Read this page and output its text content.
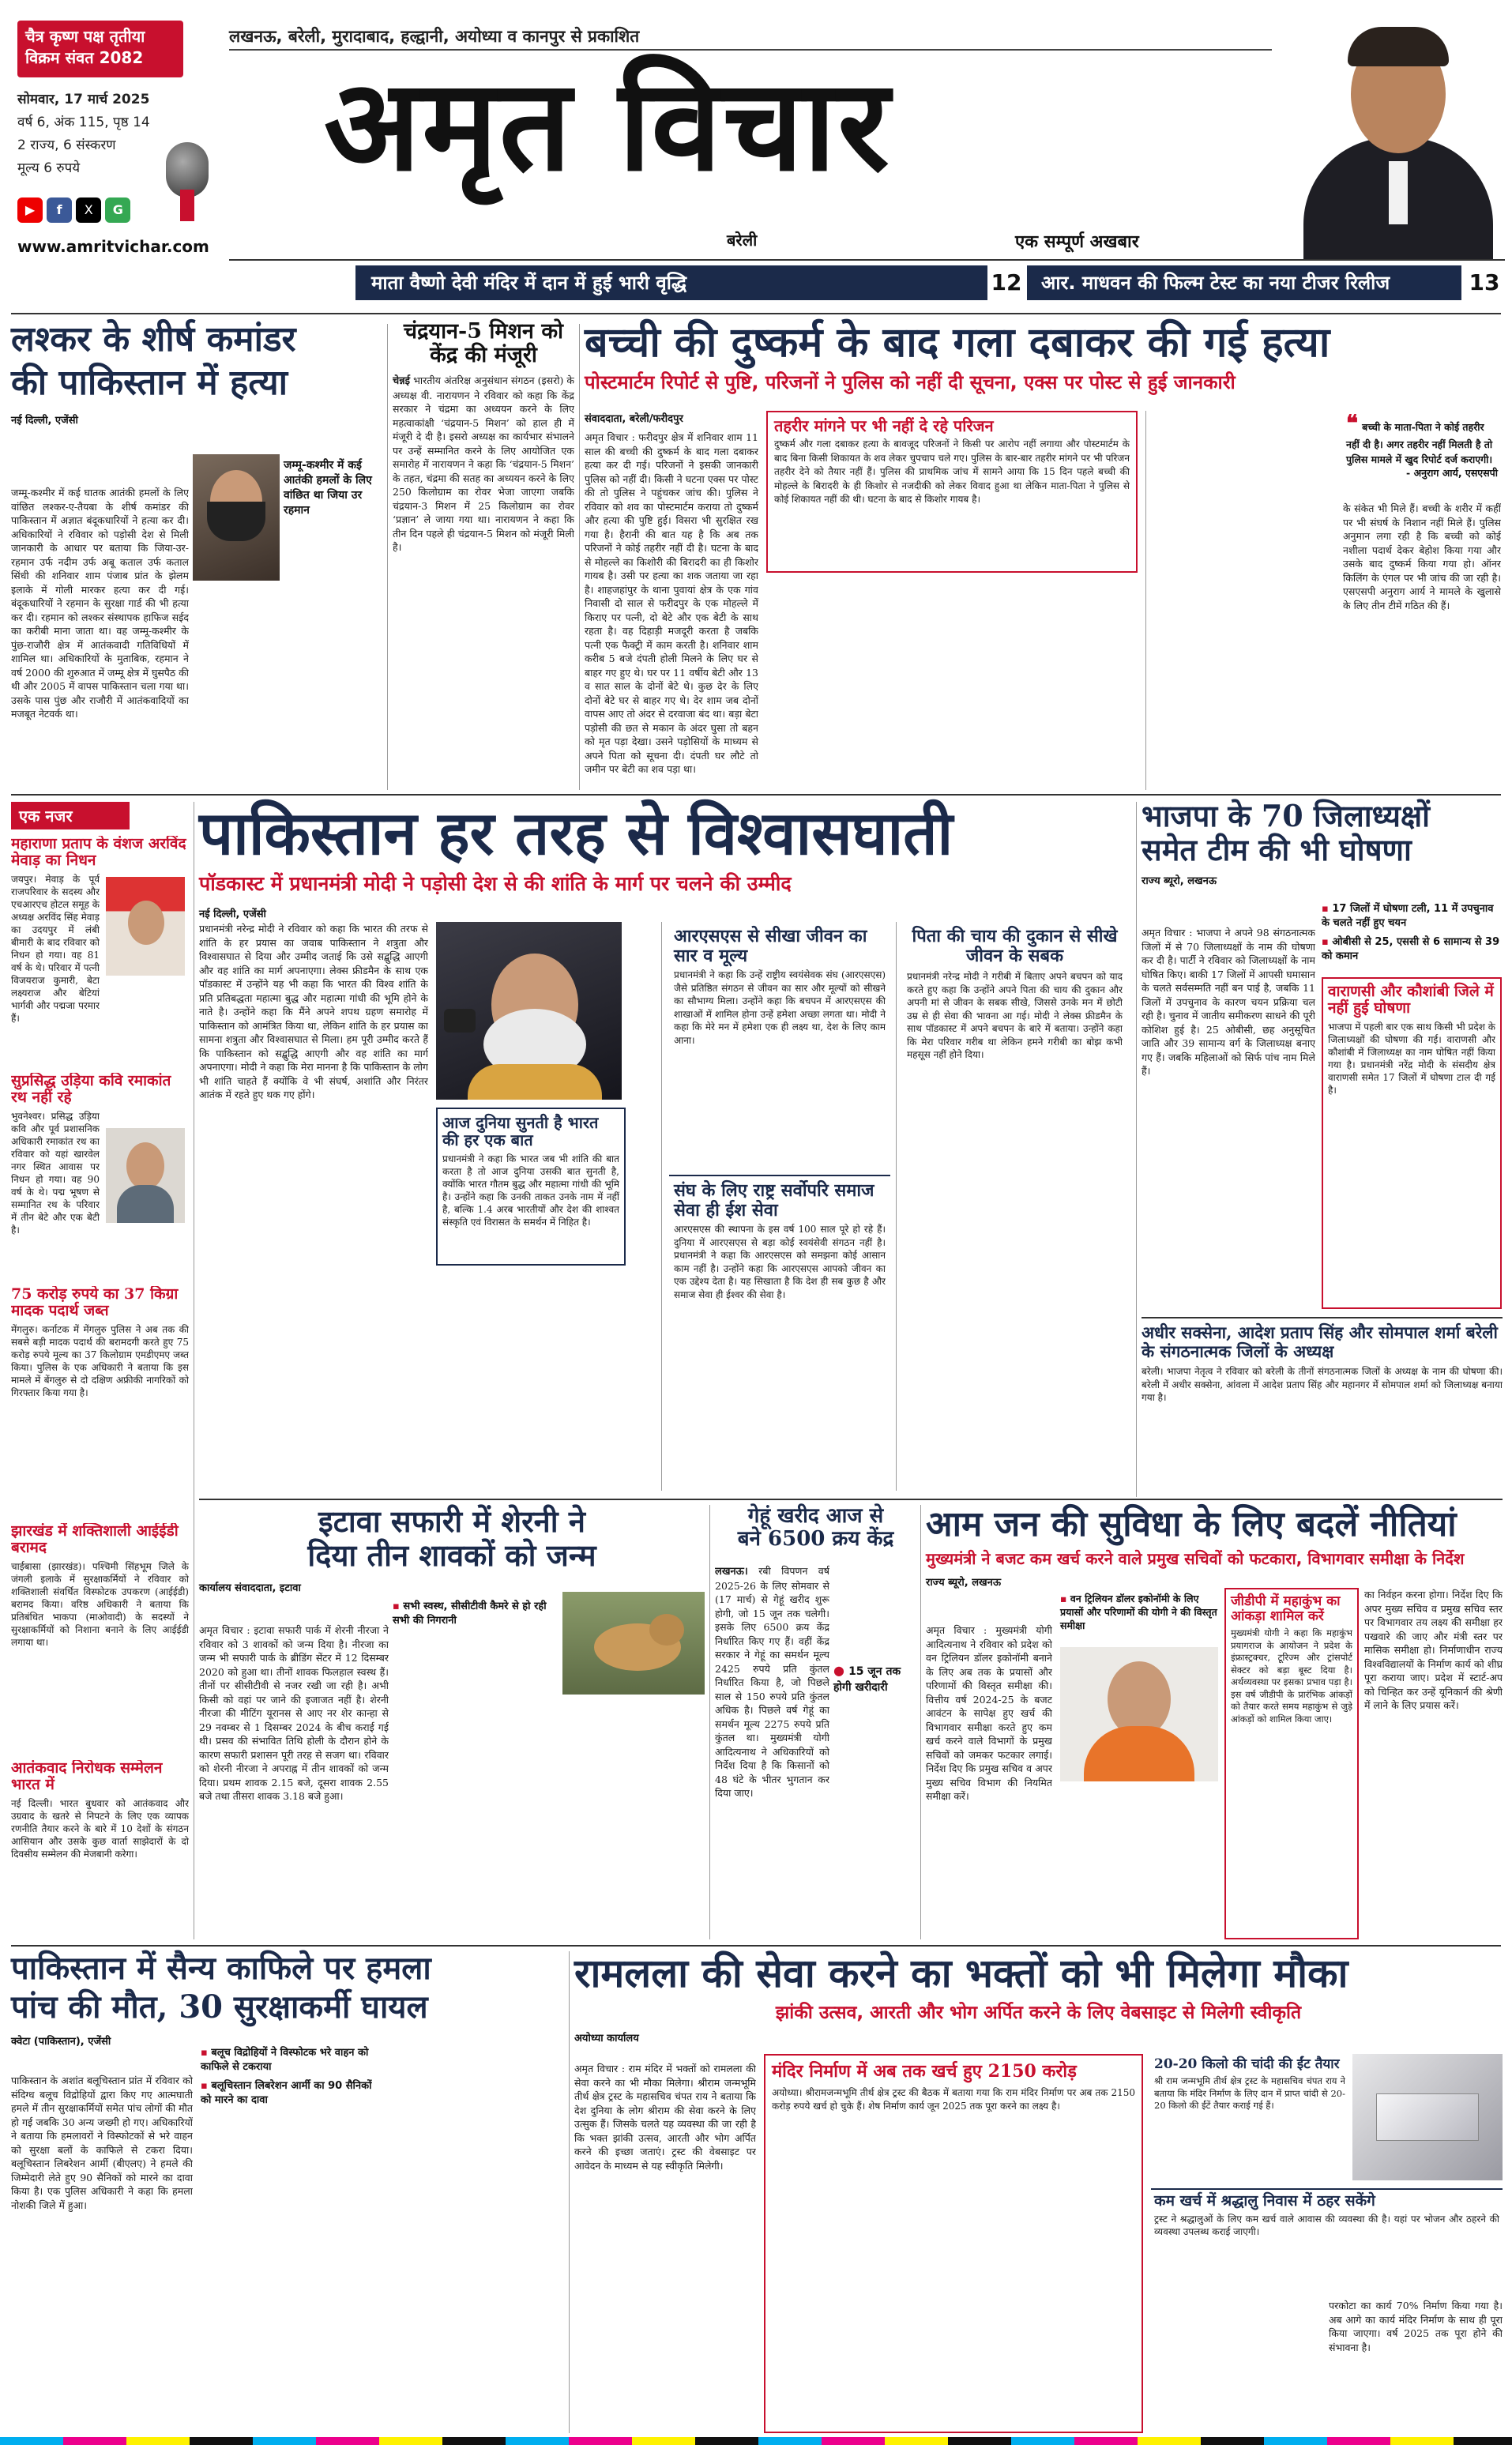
चैत्र कृष्ण पक्ष तृतीया
विक्रम संवत 2082
सोमवार, 17 मार्च 2025
वर्ष 6, अंक 115, पृष्ठ 14
2 राज्य, 6 संस्करण
मूल्य 6 रुपये
▶ f X G
www.amritvichar.com
लखनऊ, बरेली, मुरादाबाद, हल्द्वानी, अयोध्या व कानपुर से प्रकाशित
अमृत विचार
बरेली	एक सम्पूर्ण अखबार
माता वैष्णो देवी मंदिर में दान में हुई भारी वृद्धि	12	आर. माधवन की फिल्म टेस्ट का नया टीजर रिलीज	13
लश्कर के शीर्ष कमांडर
की पाकिस्तान में हत्या
नई दिल्ली, एजेंसी
जम्मू-कश्मीर में कई आतंकी हमलों के लिए वांछित था जिया उर रहमान
जम्मू-कश्मीर में कई घातक आतंकी हमलों के लिए वांछित लश्कर-ए-तैयबा के शीर्ष कमांडर की पाकिस्तान में अज्ञात बंदूकधारियों ने हत्या कर दी। अधिकारियों ने रविवार को पड़ोसी देश से मिली जानकारी के आधार पर बताया कि जिया-उर-रहमान उर्फ नदीम उर्फ अबू कताल उर्फ कताल सिंधी की शनिवार शाम पंजाब प्रांत के झेलम इलाके में गोली मारकर हत्या कर दी गई। बंदूकधारियों ने रहमान के सुरक्षा गार्ड की भी हत्या कर दी। रहमान को लश्कर संस्थापक हाफिज सईद का करीबी माना जाता था। वह जम्मू-कश्मीर के पुंछ-राजौरी क्षेत्र में आतंकवादी गतिविधियों में शामिल था। अधिकारियों के मुताबिक, रहमान ने वर्ष 2000 की शुरुआत में जम्मू क्षेत्र में घुसपैठ की थी और 2005 में वापस पाकिस्तान चला गया था। उसके पास पुंछ और राजौरी में आतंकवादियों का मजबूत नेटवर्क था।
चंद्रयान-5 मिशन को केंद्र की मंजूरी
चेन्नई भारतीय अंतरिक्ष अनुसंधान संगठन (इसरो) के अध्यक्ष वी. नारायणन ने रविवार को कहा कि केंद्र सरकार ने चंद्रमा का अध्ययन करने के लिए महत्वाकांक्षी ‘चंद्रयान-5 मिशन’ को हाल ही में मंजूरी दे दी है। इसरो अध्यक्ष का कार्यभार संभालने पर उन्हें सम्मानित करने के लिए आयोजित एक समारोह में नारायणन ने कहा कि ‘चंद्रयान-5 मिशन’ के तहत, चंद्रमा की सतह का अध्ययन करने के लिए 250 किलोग्राम का रोवर भेजा जाएगा जबकि चंद्रयान-3 मिशन में 25 किलोग्राम का रोवर ‘प्रज्ञान’ ले जाया गया था। नारायणन ने कहा कि तीन दिन पहले ही चंद्रयान-5 मिशन को मंजूरी मिली है।
बच्ची की दुष्कर्म के बाद गला दबाकर की गई हत्या
पोस्टमार्टम रिपोर्ट से पुष्टि, परिजनों ने पुलिस को नहीं दी सूचना, एक्स पर पोस्ट से हुई जानकारी
संवाददाता, बरेली/फरीदपुर
अमृत विचार : फरीदपुर क्षेत्र में शनिवार शाम 11 साल की बच्ची की दुष्कर्म के बाद गला दबाकर हत्या कर दी गई। परिजनों ने इसकी जानकारी पुलिस को नहीं दी। किसी ने घटना एक्स पर पोस्ट की तो पुलिस ने पहुंचकर जांच की। पुलिस ने रविवार को शव का पोस्टमार्टम कराया तो दुष्कर्म और हत्या की पुष्टि हुई। विसरा भी सुरक्षित रख गया है। हैरानी की बात यह है कि अब तक परिजनों ने कोई तहरीर नहीं दी है। घटना के बाद से मोहल्ले का किशोरी की बिरादरी का ही किशोर गायब है। उसी पर हत्या का शक जताया जा रहा है। शाहजहांपुर के थाना पुवायां क्षेत्र के एक गांव निवासी दो साल से फरीदपुर के एक मोहल्ले में किराए पर पत्नी, दो बेटे और एक बेटी के साथ रहता है। वह दिहाड़ी मजदूरी करता है जबकि पत्नी एक फैक्ट्री में काम करती है। शनिवार शाम करीब 5 बजे दंपती होली मिलने के लिए घर से बाहर गए हुए थे। घर पर 11 वर्षीय बेटी और 13 व सात साल के दोनों बेटे थे। कुछ देर के लिए दोनों बेटे घर से बाहर गए थे। देर शाम जब दोनों वापस आए तो अंदर से दरवाजा बंद था। बड़ा बेटा पड़ोसी की छत से मकान के अंदर घुसा तो बहन को मृत पड़ा देखा। उसने पड़ोसियों के माध्यम से अपने पिता को सूचना दी। दंपती घर लौटे तो जमीन पर बेटी का शव पड़ा था।
तहरीर मांगने पर भी नहीं दे रहे परिजन
दुष्कर्म और गला दबाकर हत्या के बावजूद परिजनों ने किसी पर आरोप नहीं लगाया और पोस्टमार्टम के बाद बिना किसी शिकायत के शव लेकर चुपचाप चले गए। पुलिस के बार-बार तहरीर मांगने पर भी परिजन तहरीर देने को तैयार नहीं हैं। पुलिस की प्राथमिक जांच में सामने आया कि 15 दिन पहले बच्ची की मोहल्ले के बिरादरी के ही किशोर से नजदीकी को लेकर विवाद हुआ था लेकिन माता-पिता ने पुलिस से कोई शिकायत नहीं की थी। घटना के बाद से किशोर गायब है।
❝ बच्ची के माता-पिता ने कोई तहरीर नहीं दी है। अगर तहरीर नहीं मिलती है तो पुलिस मामले में खुद रिपोर्ट दर्ज कराएगी।
- अनुराग आर्य, एसएसपी
के संकेत भी मिले हैं। बच्ची के शरीर में कहीं पर भी संघर्ष के निशान नहीं मिले हैं। पुलिस अनुमान लगा रही है कि बच्ची को कोई नशीला पदार्थ देकर बेहोश किया गया और उसके बाद दुष्कर्म किया गया हो। ऑनर किलिंग के एंगल पर भी जांच की जा रही है। एसएसपी अनुराग आर्य ने मामले के खुलासे के लिए तीन टीमें गठित की हैं।
एक नजर
महाराणा प्रताप के वंशज अरविंद मेवाड़ का निधन
जयपुर। मेवाड़ के पूर्व राजपरिवार के सदस्य और एचआरएच होटल समूह के अध्यक्ष अरविंद सिंह मेवाड़ का उदयपुर में लंबी बीमारी के बाद रविवार को निधन हो गया। वह 81 वर्ष के थे। परिवार में पत्नी विजयराज कुमारी, बेटा लक्ष्यराज और बेटियां भार्गवी और पद्मजा परमार हैं।
सुप्रसिद्ध उड़िया कवि रमाकांत रथ नहीं रहे
भुवनेश्वर। प्रसिद्ध उड़िया कवि और पूर्व प्रशासनिक अधिकारी रमाकांत रथ का रविवार को यहां खारवेल नगर स्थित आवास पर निधन हो गया। वह 90 वर्ष के थे। पद्म भूषण से सम्मानित रथ के परिवार में तीन बेटे और एक बेटी है।
75 करोड़ रुपये का 37 किग्रा मादक पदार्थ जब्त
मेंगलुरु। कर्नाटक में मेंगलुरु पुलिस ने अब तक की सबसे बड़ी मादक पदार्थ की बरामदगी करते हुए 75 करोड़ रुपये मूल्य का 37 किलोग्राम एमडीएमए जब्त किया। पुलिस के एक अधिकारी ने बताया कि इस मामले में बेंगलुरु से दो दक्षिण अफ्रीकी नागरिकों को गिरफ्तार किया गया है।
झारखंड में शक्तिशाली आईईडी बरामद
चाईबासा (झारखंड)। पश्चिमी सिंहभूम जिले के जंगली इलाके में सुरक्षाकर्मियों ने रविवार को शक्तिशाली संवर्धित विस्फोटक उपकरण (आईईडी) बरामद किया। वरिष्ठ अधिकारी ने बताया कि प्रतिबंधित भाकपा (माओवादी) के सदस्यों ने सुरक्षाकर्मियों को निशाना बनाने के लिए आईईडी लगाया था।
आतंकवाद निरोधक सम्मेलन भारत में
नई दिल्ली। भारत बुधवार को आतंकवाद और उग्रवाद के खतरे से निपटने के लिए एक व्यापक रणनीति तैयार करने के बारे में 10 देशों के संगठन आसियान और उसके कुछ वार्ता साझेदारों के दो दिवसीय सम्मेलन की मेजबानी करेगा।
पाकिस्तान हर तरह से विश्वासघाती
पॉडकास्ट में प्रधानमंत्री मोदी ने पड़ोसी देश से की शांति के मार्ग पर चलने की उम्मीद
नई दिल्ली, एजेंसी
प्रधानमंत्री नरेन्द्र मोदी ने रविवार को कहा कि भारत की तरफ से शांति के हर प्रयास का जवाब पाकिस्तान ने शत्रुता और विश्वासघात से दिया और उम्मीद जताई कि उसे सद्बुद्धि आएगी और वह शांति का मार्ग अपनाएगा। लेक्स फ्रीडमैन के साथ एक पॉडकास्ट में उन्होंने यह भी कहा कि भारत की विश्व शांति के प्रति प्रतिबद्धता महात्मा बुद्ध और महात्मा गांधी की भूमि होने के नाते है। उन्होंने कहा कि मैंने अपने शपथ ग्रहण समारोह में पाकिस्तान को आमंत्रित किया था, लेकिन शांति के हर प्रयास का सामना शत्रुता और विश्वासघात से मिला। हम पूरी उम्मीद करते हैं कि पाकिस्तान को सद्बुद्धि आएगी और वह शांति का मार्ग अपनाएगा। मोदी ने कहा कि मेरा मानना है कि पाकिस्तान के लोग भी शांति चाहते हैं क्योंकि वे भी संघर्ष, अशांति और निरंतर आतंक में रहते हुए थक गए होंगे।
आज दुनिया सुनती है भारत की हर एक बात
प्रधानमंत्री ने कहा कि भारत जब भी शांति की बात करता है तो आज दुनिया उसकी बात सुनती है, क्योंकि भारत गौतम बुद्ध और महात्मा गांधी की भूमि है। उन्होंने कहा कि उनकी ताकत उनके नाम में नहीं है, बल्कि 1.4 अरब भारतीयों और देश की शाश्वत संस्कृति एवं विरासत के समर्थन में निहित है।
आरएसएस से सीखा जीवन का सार व मूल्य
प्रधानमंत्री ने कहा कि उन्हें राष्ट्रीय स्वयंसेवक संघ (आरएसएस) जैसे प्रतिष्ठित संगठन से जीवन का सार और मूल्यों को सीखने का सौभाग्य मिला। उन्होंने कहा कि बचपन में आरएसएस की शाखाओं में शामिल होना उन्हें हमेशा अच्छा लगता था। मोदी ने कहा कि मेरे मन में हमेशा एक ही लक्ष्य था, देश के लिए काम आना।
संघ के लिए राष्ट्र सर्वोपरि समाज सेवा ही ईश सेवा
आरएसएस की स्थापना के इस वर्ष 100 साल पूरे हो रहे हैं। दुनिया में आरएसएस से बड़ा कोई स्वयंसेवी संगठन नहीं है। प्रधानमंत्री ने कहा कि आरएसएस को समझना कोई आसान काम नहीं है। उन्होंने कहा कि आरएसएस आपको जीवन का एक उद्देश्य देता है। यह सिखाता है कि देश ही सब कुछ है और समाज सेवा ही ईश्वर की सेवा है।
पिता की चाय की दुकान से सीखे जीवन के सबक
प्रधानमंत्री नरेन्द्र मोदी ने गरीबी में बिताए अपने बचपन को याद करते हुए कहा कि उन्होंने अपने पिता की चाय की दुकान और अपनी मां से जीवन के सबक सीखे, जिससे उनके मन में छोटी उम्र से ही सेवा की भावना आ गई। मोदी ने लेक्स फ्रीडमैन के साथ पॉडकास्ट में अपने बचपन के बारे में बताया। उन्होंने कहा कि मेरा परिवार गरीब था लेकिन हमने गरीबी का बोझ कभी महसूस नहीं होने दिया।
भाजपा के 70 जिलाध्यक्षों
समेत टीम की भी घोषणा
राज्य ब्यूरो, लखनऊ
▪ 17 जिलों में घोषणा टली, 11 में उपचुनाव के चलते नहीं हुए चयन
▪ ओबीसी से 25, एससी से 6 सामान्य से 39 को कमान
अमृत विचार : भाजपा ने अपने 98 संगठनात्मक जिलों में से 70 जिलाध्यक्षों के नाम की घोषणा कर दी है। पार्टी ने रविवार को जिलाध्यक्षों के नाम घोषित किए। बाकी 17 जिलों में आपसी घमासान के चलते सर्वसम्मति नहीं बन पाई है, जबकि 11 जिलों में उपचुनाव के कारण चयन प्रक्रिया चल रही है। चुनाव में जातीय समीकरण साधने की पूरी कोशिश हुई है। 25 ओबीसी, छह अनुसूचित जाति और 39 सामान्य वर्ग के जिलाध्यक्ष बनाए गए हैं। जबकि महिलाओं को सिर्फ पांच नाम मिले हैं।
वाराणसी और कौशांबी जिले में नहीं हुई घोषणा
भाजपा में पहली बार एक साथ किसी भी प्रदेश के जिलाध्यक्षों की घोषणा की गई। वाराणसी और कौशांबी में जिलाध्यक्ष का नाम घोषित नहीं किया गया है। प्रधानमंत्री नरेंद्र मोदी के संसदीय क्षेत्र वाराणसी समेत 17 जिलों में घोषणा टाल दी गई है।
अधीर सक्सेना, आदेश प्रताप सिंह और सोमपाल शर्मा बरेली के संगठनात्मक जिलों के अध्यक्ष
बरेली। भाजपा नेतृत्व ने रविवार को बरेली के तीनों संगठनात्मक जिलों के अध्यक्ष के नाम की घोषणा की। बरेली में अधीर सक्सेना, आंवला में आदेश प्रताप सिंह और महानगर में सोमपाल शर्मा को जिलाध्यक्ष बनाया गया है।
इटावा सफारी में शेरनी ने
दिया तीन शावकों को जन्म
कार्यालय संवाददाता, इटावा
▪ सभी स्वस्थ, सीसीटीवी कैमरे से हो रही सभी की निगरानी
अमृत विचार : इटावा सफारी पार्क में शेरनी नीरजा ने रविवार को 3 शावकों को जन्म दिया है। नीरजा का जन्म भी सफारी पार्क के ब्रीडिंग सेंटर में 12 दिसम्बर 2020 को हुआ था। तीनों शावक फिलहाल स्वस्थ हैं। तीनों पर सीसीटीवी से नजर रखी जा रही है। अभी किसी को वहां पर जाने की इजाजत नहीं है। शेरनी नीरजा की मीटिंग यूरानस से आए नर शेर कान्हा से 29 नवम्बर से 1 दिसम्बर 2024 के बीच कराई गई थी। प्रसव की संभावित तिथि होली के दौरान होने के कारण सफारी प्रशासन पूरी तरह से सजग था। रविवार को शेरनी नीरजा ने अपराह्न में तीन शावकों को जन्म दिया। प्रथम शावक 2.15 बजे, दूसरा शावक 2.55 बजे तथा तीसरा शावक 3.18 बजे हुआ।
गेहूं खरीद आज से
बने 6500 क्रय केंद्र
● 15 जून तक होगी खरीदारी
लखनऊ। रबी विपणन वर्ष 2025-26 के लिए सोमवार से (17 मार्च) से गेहूं खरीद शुरू होगी, जो 15 जून तक चलेगी। इसके लिए 6500 क्रय केंद्र निर्धारित किए गए हैं। वहीं केंद्र सरकार ने गेहूं का समर्थन मूल्य 2425 रुपये प्रति कुंतल निर्धारित किया है, जो पिछले साल से 150 रुपये प्रति कुंतल अधिक है। पिछले वर्ष गेहूं का समर्थन मूल्य 2275 रुपये प्रति कुंतल था। मुख्यमंत्री योगी आदित्यनाथ ने अधिकारियों को निर्देश दिया है कि किसानों को 48 घंटे के भीतर भुगतान कर दिया जाए।
आम जन की सुविधा के लिए बदलें नीतियां
मुख्यमंत्री ने बजट कम खर्च करने वाले प्रमुख सचिवों को फटकारा, विभागवार समीक्षा के निर्देश
राज्य ब्यूरो, लखनऊ
▪ वन ट्रिलियन डॉलर इकोनॉमी के लिए प्रयासों और परिणामों की योगी ने की विस्तृत समीक्षा
अमृत विचार : मुख्यमंत्री योगी आदित्यनाथ ने रविवार को प्रदेश को वन ट्रिलियन डॉलर इकोनॉमी बनाने के लिए अब तक के प्रयासों और परिणामों की विस्तृत समीक्षा की। वित्तीय वर्ष 2024-25 के बजट आवंटन के सापेक्ष हुए खर्च की विभागवार समीक्षा करते हुए कम खर्च करने वाले विभागों के प्रमुख सचिवों को जमकर फटकार लगाई। निर्देश दिए कि प्रमुख सचिव व अपर मुख्य सचिव विभाग की नियमित समीक्षा करें।
जीडीपी में महाकुंभ का आंकड़ा शामिल करें
मुख्यमंत्री योगी ने कहा कि महाकुंभ प्रयागराज के आयोजन ने प्रदेश के इंफ्रास्ट्रक्चर, टूरिज्म और ट्रांसपोर्ट सेक्टर को बड़ा बूस्ट दिया है। अर्थव्यवस्था पर इसका प्रभाव पड़ा है। इस वर्ष जीडीपी के प्रारंभिक आंकड़ों को तैयार करते समय महाकुंभ से जुड़े आंकड़ों को शामिल किया जाए।
का निर्वहन करना होगा। निर्देश दिए कि अपर मुख्य सचिव व प्रमुख सचिव स्तर पर विभागवार तय लक्ष्य की समीक्षा हर पखवारे की जाए और मंत्री स्तर पर मासिक समीक्षा हो। निर्माणाधीन राज्य विश्वविद्यालयों के निर्माण कार्य को शीघ्र पूरा कराया जाए। प्रदेश में स्टार्ट-अप को चिन्हित कर उन्हें यूनिकार्न की श्रेणी में लाने के लिए प्रयास करें।
पाकिस्तान में सैन्य काफिले पर हमला
पांच की मौत, 30 सुरक्षाकर्मी घायल
क्वेटा (पाकिस्तान), एजेंसी
▪ बलूच विद्रोहियों ने विस्फोटक भरे वाहन को काफिले से टकराया
▪ बलूचिस्तान लिबरेशन आर्मी का 90 सैनिकों को मारने का दावा
पाकिस्तान के अशांत बलूचिस्तान प्रांत में रविवार को संदिग्ध बलूच विद्रोहियों द्वारा किए गए आत्मघाती हमले में तीन सुरक्षाकर्मियों समेत पांच लोगों की मौत हो गई जबकि 30 अन्य जख्मी हो गए। अधिकारियों ने बताया कि हमलावरों ने विस्फोटकों से भरे वाहन को सुरक्षा बलों के काफिले से टकरा दिया। बलूचिस्तान लिबरेशन आर्मी (बीएलए) ने हमले की जिम्मेदारी लेते हुए 90 सैनिकों को मारने का दावा किया है। एक पुलिस अधिकारी ने कहा कि हमला नोशकी जिले में हुआ।
रामलला की सेवा करने का भक्तों को भी मिलेगा मौका
झांकी उत्सव, आरती और भोग अर्पित करने के लिए वेबसाइट से मिलेगी स्वीकृति
अयोध्या कार्यालय
अमृत विचार : राम मंदिर में भक्तों को रामलला की सेवा करने का भी मौका मिलेगा। श्रीराम जन्मभूमि तीर्थ क्षेत्र ट्रस्ट के महासचिव चंपत राय ने बताया कि देश दुनिया के लोग श्रीराम की सेवा करने के लिए उत्सुक हैं। जिसके चलते यह व्यवस्था की जा रही है कि भक्त झांकी उत्सव, आरती और भोग अर्पित करने की इच्छा जताएं। ट्रस्ट की वेबसाइट पर आवेदन के माध्यम से यह स्वीकृति मिलेगी।
मंदिर निर्माण में अब तक खर्च हुए 2150 करोड़
अयोध्या। श्रीरामजन्मभूमि तीर्थ क्षेत्र ट्रस्ट की बैठक में बताया गया कि राम मंदिर निर्माण पर अब तक 2150 करोड़ रुपये खर्च हो चुके हैं। शेष निर्माण कार्य जून 2025 तक पूरा करने का लक्ष्य है।
20-20 किलो की चांदी की ईंट तैयार
श्री राम जन्मभूमि तीर्थ क्षेत्र ट्रस्ट के महासचिव चंपत राय ने बताया कि मंदिर निर्माण के लिए दान में प्राप्त चांदी से 20-20 किलो की ईंटें तैयार कराई गई हैं।
कम खर्च में श्रद्धालु निवास में ठहर सकेंगे
ट्रस्ट ने श्रद्धालुओं के लिए कम खर्च वाले आवास की व्यवस्था की है। यहां पर भोजन और ठहरने की व्यवस्था उपलब्ध कराई जाएगी।
परकोटा का कार्य 70% निर्माण किया गया है। अब आगे का कार्य मंदिर निर्माण के साथ ही पूरा किया जाएगा। वर्ष 2025 तक पूरा होने की संभावना है।
